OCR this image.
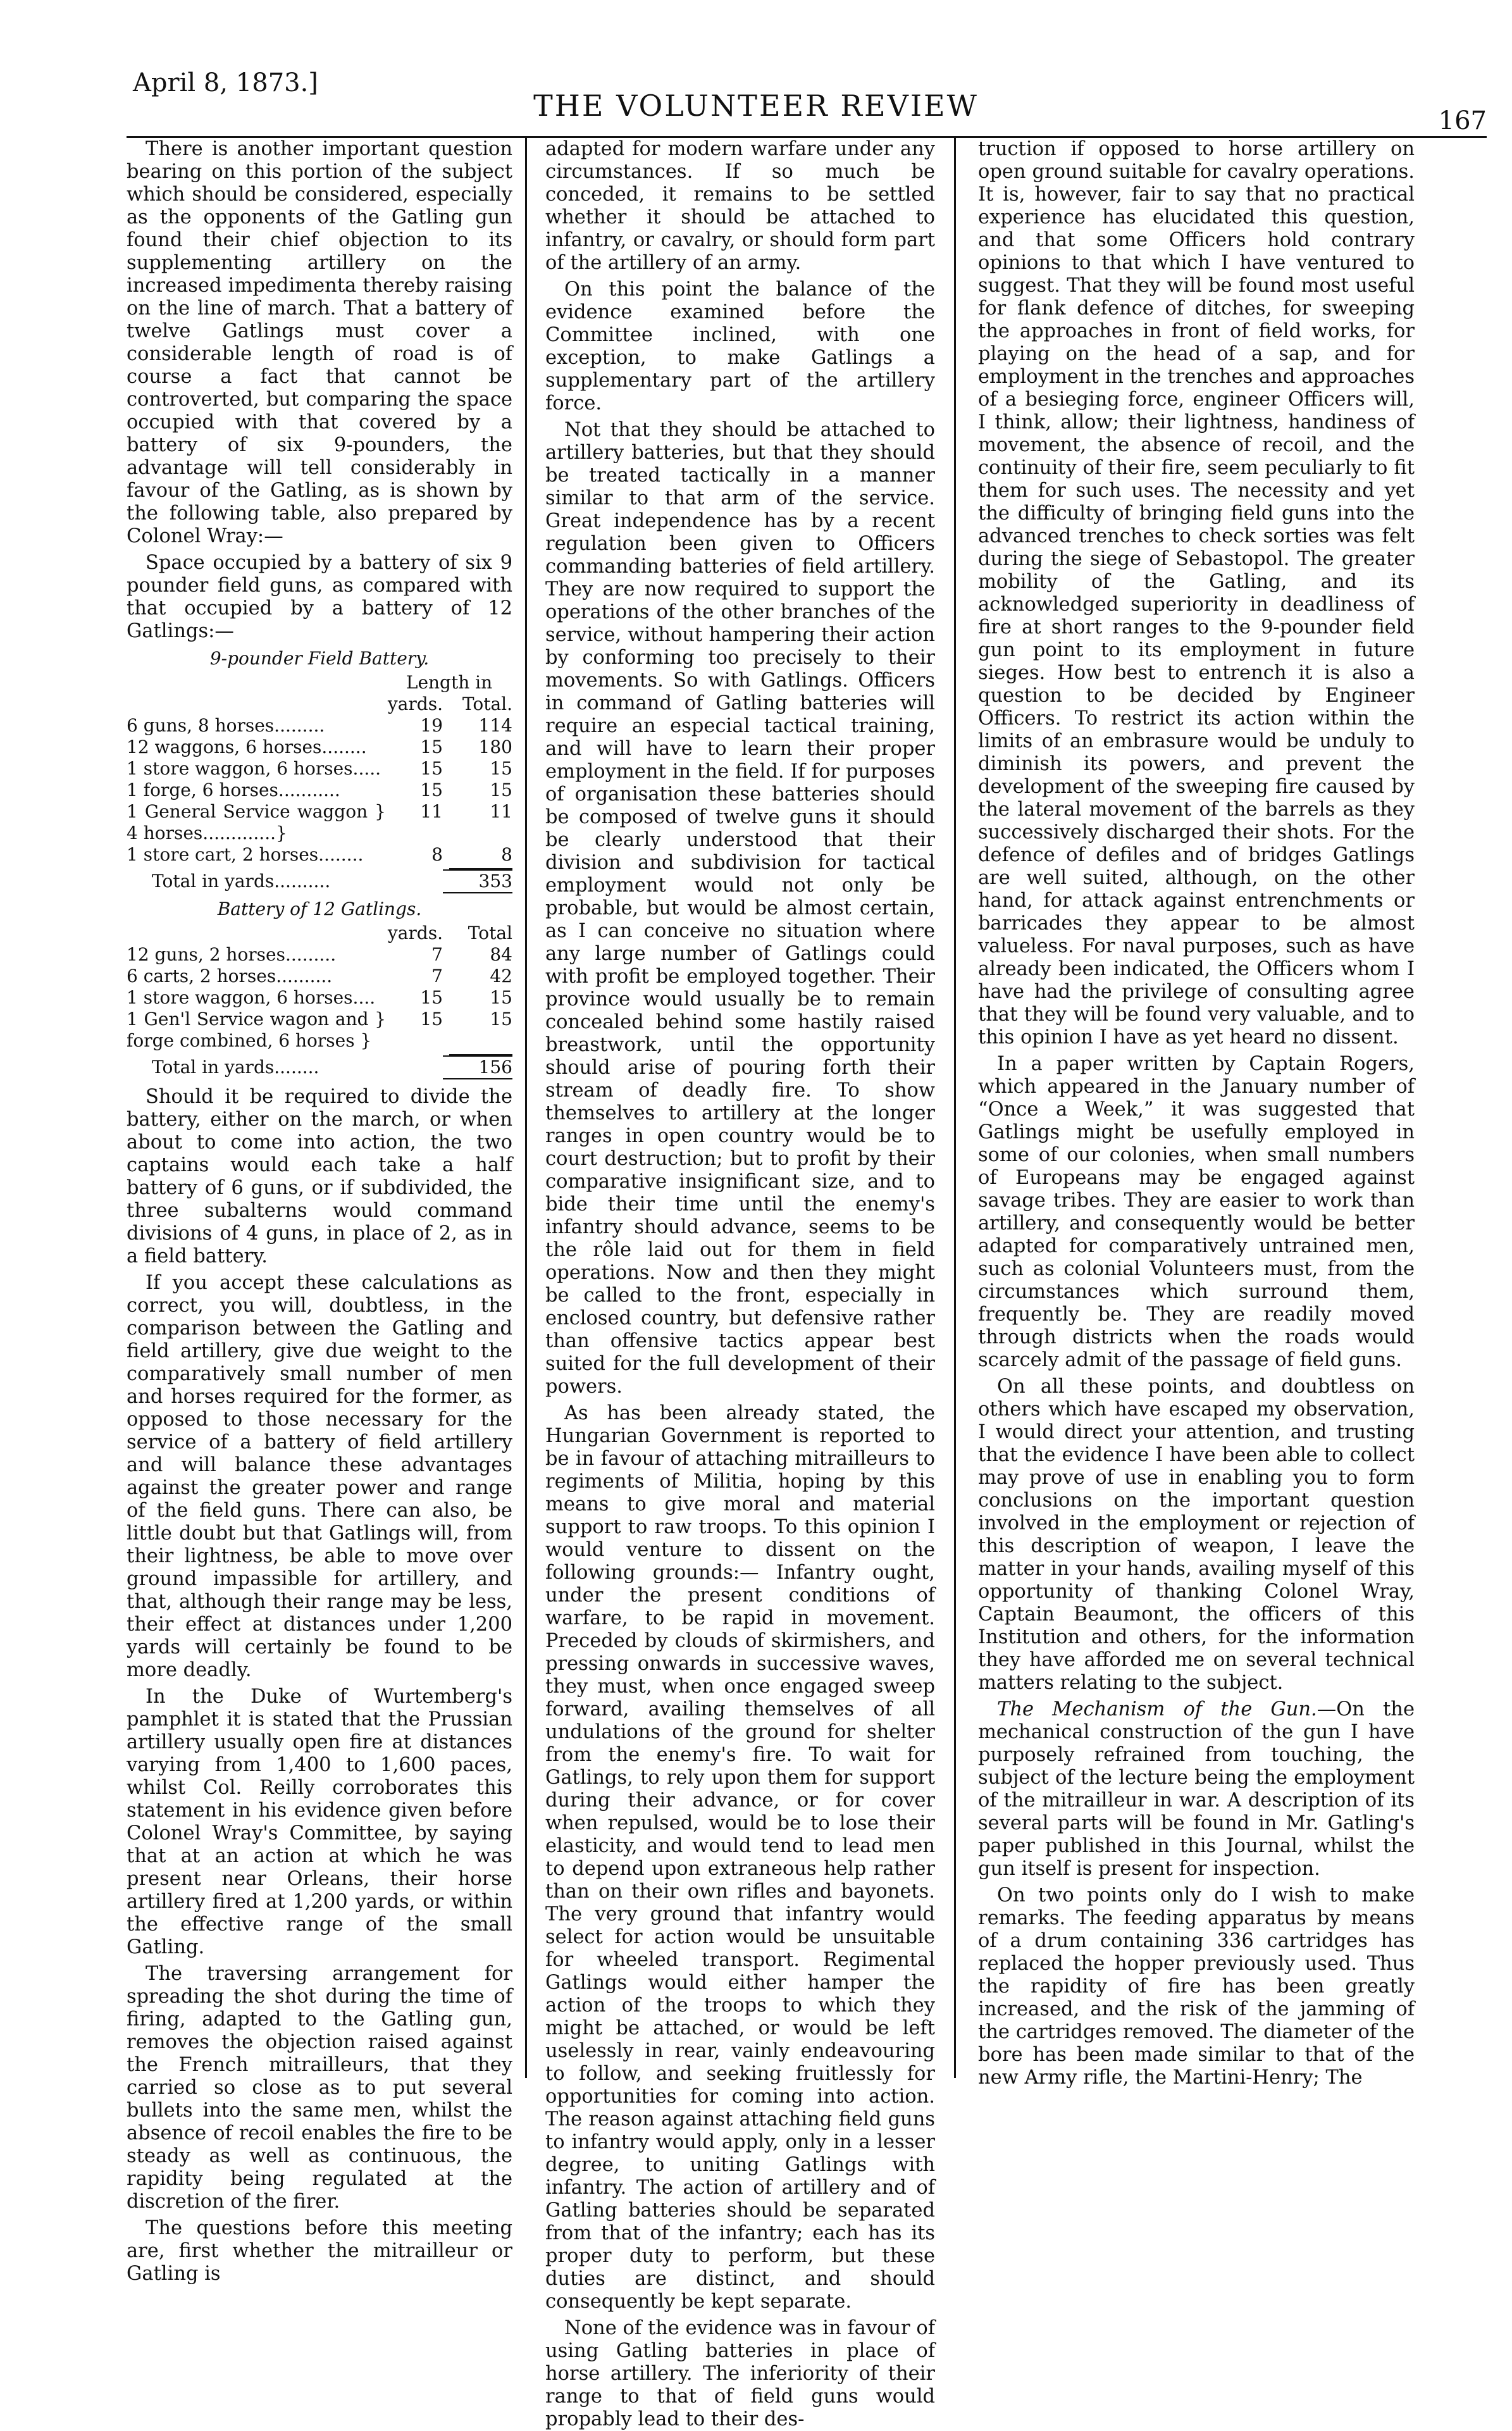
April 8, 1873.]
THE VOLUNTEER REVIEW	167

There is another important question bearing on this portion of the subject which should be considered, especially as the opponents of the Gatling gun found their chief objection to its supplementing artillery on the increased impedimenta thereby raising on the line of march. That a battery of twelve Gatlings must cover a considerable length of road is of course a fact that cannot be controverted, but comparing the space occupied with that covered by a battery of six 9-pounders, the advantage will tell considerably in favour of the Gatling, as is shown by the following table, also prepared by Colonel Wray:—

Space occupied by a battery of six 9 pounder field guns, as compared with that occupied by a battery of 12 Gatlings:—

9-pounder Field Battery.
Length in
yards.	Total.
6 guns, 8 horses.........	19	114
12 waggons, 6 horses........	15	180
1 store waggon, 6 horses.....	15	15
1 forge, 6 horses...........	15	15
1 General Service waggon } 4 horses.............}
11	11
1 store cart, 2 horses........	8	8
Total in yards..........	353
Battery of 12 Gatlings.
yards.	Total
12 guns, 2 horses.........	7	84
6 carts, 2 horses..........	7	42
1 store waggon, 6 horses....	15	15
1 Gen'l Service wagon and } forge combined, 6 horses }
15	15
Total in yards........	156

Should it be required to divide the battery, either on the march, or when about to come into action, the two captains would each take a half battery of 6 guns, or if subdivided, the three subalterns would command divisions of 4 guns, in place of 2, as in a field battery.

If you accept these calculations as correct, you will, doubtless, in the comparison between the Gatling and field artillery, give due weight to the comparatively small number of men and horses required for the former, as opposed to those necessary for the service of a battery of field artillery and will balance these advantages against the greater power and range of the field guns. There can also, be little doubt but that Gatlings will, from their lightness, be able to move over ground impassible for artillery, and that, although their range may be less, their effect at distances under 1,200 yards will certainly be found to be more deadly.

In the Duke of Wurtemberg's pamphlet it is stated that the Prussian artillery usually open fire at distances varying from 1,400 to 1,600 paces, whilst Col. Reilly corroborates this statement in his evidence given before Colonel Wray's Committee, by saying that at an action at which he was present near Orleans, their horse artillery fired at 1,200 yards, or within the effective range of the small Gatling.

The traversing arrangement for spreading the shot during the time of firing, adapted to the Gatling gun, removes the objection raised against the French mitrailleurs, that they carried so close as to put several bullets into the same men, whilst the absence of recoil enables the fire to be steady as well as continuous, the rapidity being regulated at the discretion of the firer.

The questions before this meeting are, first whether the mitrailleur or Gatling is

adapted for modern warfare under any circumstances. If so much be conceded, it remains to be settled whether it should be attached to infantry, or cavalry, or should form part of the artillery of an army.

On this point the balance of the evidence examined before the Committee inclined, with one exception, to make Gatlings a supplementary part of the artillery force.

Not that they should be attached to artillery batteries, but that they should be treated tactically in a manner similar to that arm of the service. Great independence has by a recent regulation been given to Officers commanding batteries of field artillery. They are now required to support the operations of the other branches of the service, without hampering their action by conforming too precisely to their movements. So with Gatlings. Officers in command of Gatling batteries will require an especial tactical training, and will have to learn their proper employment in the field. If for purposes of organisation these batteries should be composed of twelve guns it should be clearly understood that their division and subdivision for tactical employment would not only be probable, but would be almost certain, as I can conceive no situation where any large number of Gatlings could with profit be employed together. Their province would usually be to remain concealed behind some hastily raised breastwork, until the opportunity should arise of pouring forth their stream of deadly fire. To show themselves to artillery at the longer ranges in open country would be to court destruction; but to profit by their comparative insignificant size, and to bide their time until the enemy's infantry should advance, seems to be the rôle laid out for them in field operations. Now and then they might be called to the front, especially in enclosed country, but defensive rather than offensive tactics appear best suited for the full development of their powers.

As has been already stated, the Hungarian Government is reported to be in favour of attaching mitrailleurs to regiments of Militia, hoping by this means to give moral and material support to raw troops. To this opinion I would venture to dissent on the following grounds:— Infantry ought, under the present conditions of warfare, to be rapid in movement. Preceded by clouds of skirmishers, and pressing onwards in successive waves, they must, when once engaged sweep forward, availing themselves of all undulations of the ground for shelter from the enemy's fire. To wait for Gatlings, to rely upon them for support during their advance, or for cover when repulsed, would be to lose their elasticity, and would tend to lead men to depend upon extraneous help rather than on their own rifles and bayonets. The very ground that infantry would select for action would be unsuitable for wheeled transport. Regimental Gatlings would either hamper the action of the troops to which they might be attached, or would be left uselessly in rear, vainly endeavouring to follow, and seeking fruitlessly for opportunities for coming into action. The reason against attaching field guns to infantry would apply, only in a lesser degree, to uniting Gatlings with infantry. The action of artillery and of Gatling batteries should be separated from that of the infantry; each has its proper duty to perform, but these duties are distinct, and should consequently be kept separate.

None of the evidence was in favour of using Gatling batteries in place of horse artillery. The inferiority of their range to that of field guns would propably lead to their des-

truction if opposed to horse artillery on open ground suitable for cavalry operations. It is, however, fair to say that no practical experience has elucidated this question, and that some Officers hold contrary opinions to that which I have ventured to suggest. That they will be found most useful for flank defence of ditches, for sweeping the approaches in front of field works, for playing on the head of a sap, and for employment in the trenches and approaches of a besieging force, engineer Officers will, I think, allow; their lightness, handiness of movement, the absence of recoil, and the continuity of their fire, seem peculiarly to fit them for such uses. The necessity and yet the difficulty of bringing field guns into the advanced trenches to check sorties was felt during the siege of Sebastopol. The greater mobility of the Gatling, and its acknowledged superiority in deadliness of fire at short ranges to the 9-pounder field gun point to its employment in future sieges. How best to entrench it is also a question to be decided by Engineer Officers. To restrict its action within the limits of an embrasure would be unduly to diminish its powers, and prevent the development of the sweeping fire caused by the lateral movement of the barrels as they successively discharged their shots. For the defence of defiles and of bridges Gatlings are well suited, although, on the other hand, for attack against entrenchments or barricades they appear to be almost valueless. For naval purposes, such as have already been indicated, the Officers whom I have had the privilege of consulting agree that they will be found very valuable, and to this opinion I have as yet heard no dissent.

In a paper written by Captain Rogers, which appeared in the January number of “Once a Week,” it was suggested that Gatlings might be usefully employed in some of our colonies, when small numbers of Europeans may be engaged against savage tribes. They are easier to work than artillery, and consequently would be better adapted for comparatively untrained men, such as colonial Volunteers must, from the circumstances which surround them, frequently be. They are readily moved through districts when the roads would scarcely admit of the passage of field guns.

On all these points, and doubtless on others which have escaped my observation, I would direct your attention, and trusting that the evidence I have been able to collect may prove of use in enabling you to form conclusions on the important question involved in the employment or rejection of this description of weapon, I leave the matter in your hands, availing myself of this opportunity of thanking Colonel Wray, Captain Beaumont, the officers of this Institution and others, for the information they have afforded me on several technical matters relating to the subject.

The Mechanism of the Gun.—On the mechanical construction of the gun I have purposely refrained from touching, the subject of the lecture being the employment of the mitrailleur in war. A description of its several parts will be found in Mr. Gatling's paper published in this Journal, whilst the gun itself is present for inspection.

On two points only do I wish to make remarks. The feeding apparatus by means of a drum containing 336 cartridges has replaced the hopper previously used. Thus the rapidity of fire has been greatly increased, and the risk of the jamming of the cartridges removed. The diameter of the bore has been made similar to that of the new Army rifle, the Martini-Henry; The
